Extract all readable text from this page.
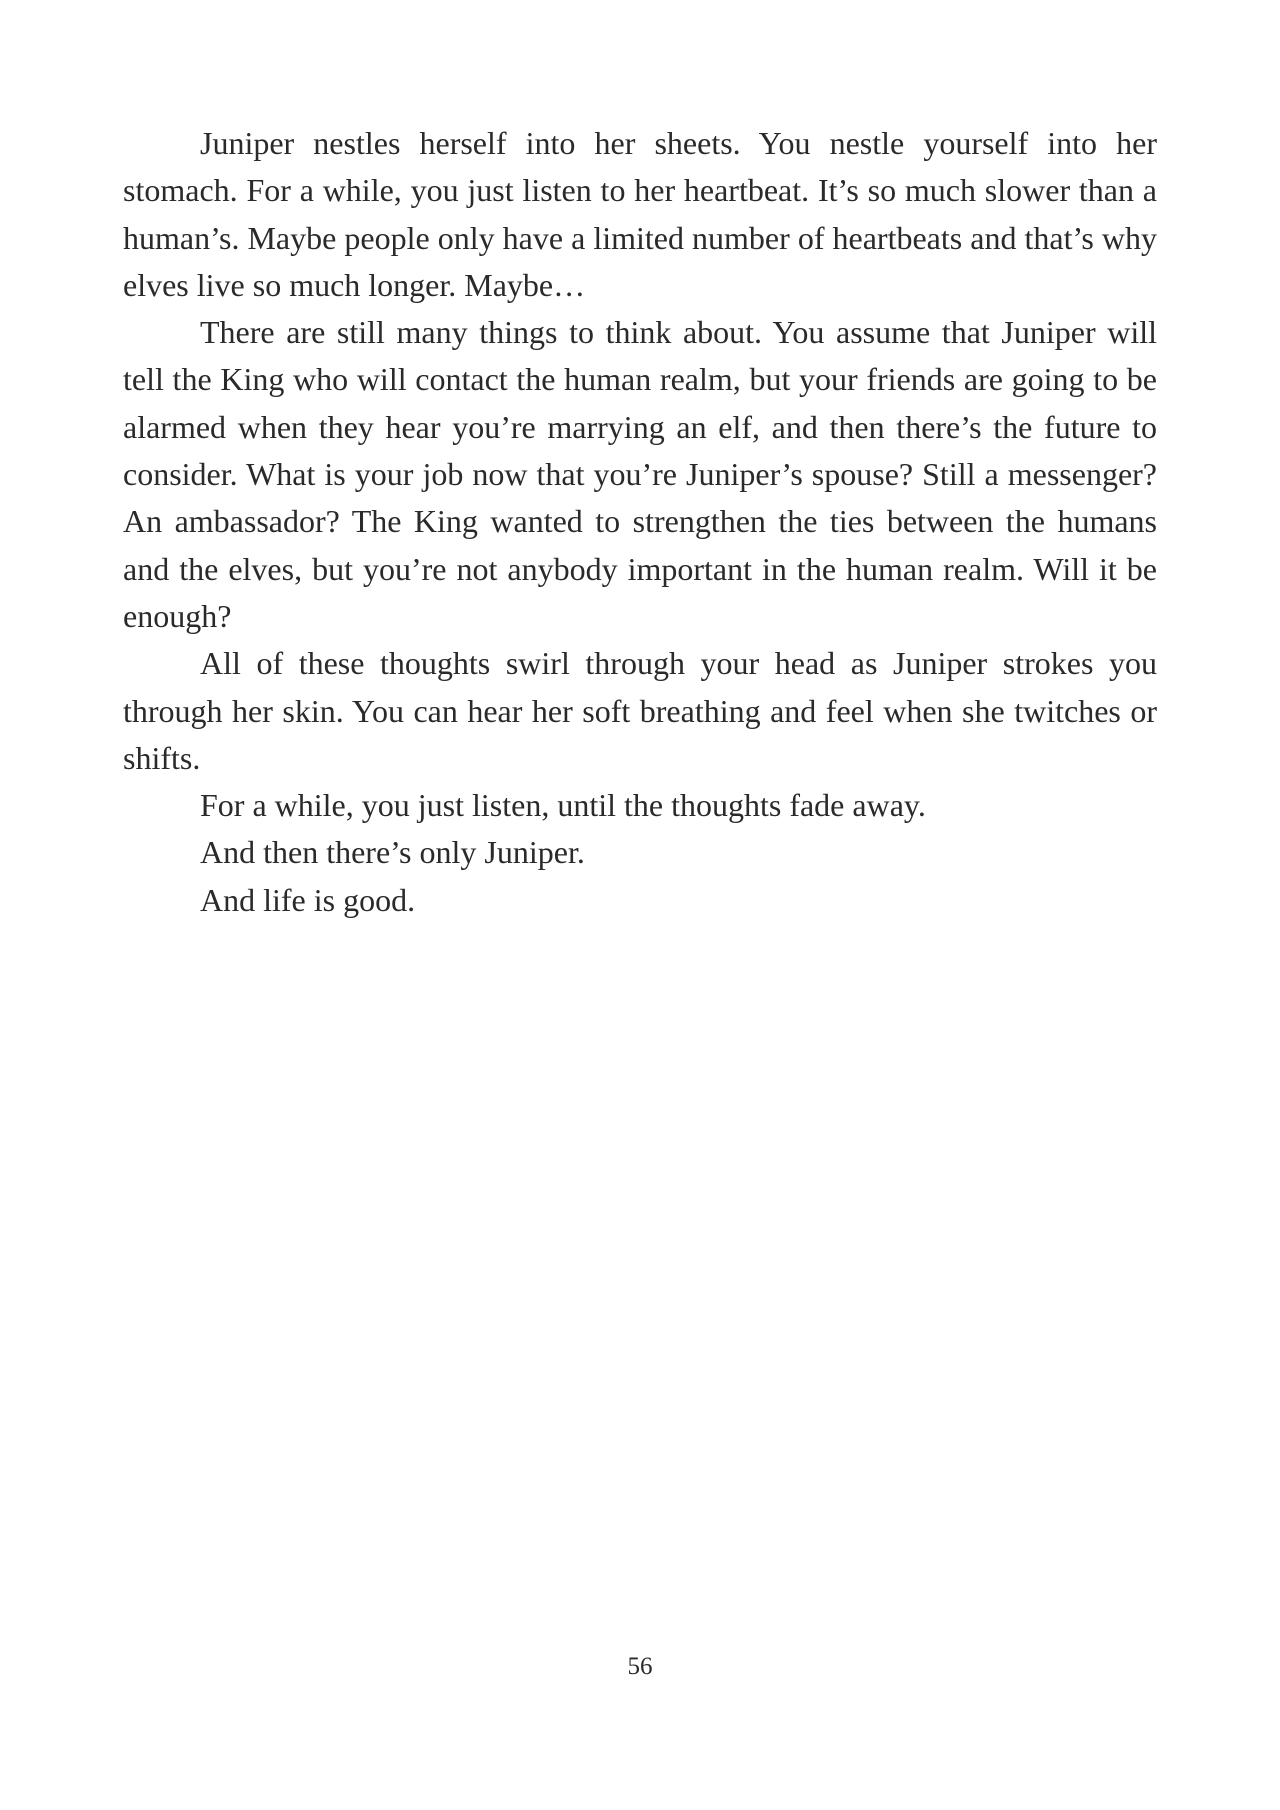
Juniper nestles herself into her sheets. You nestle yourself into her stomach. For a while, you just listen to her heartbeat. It’s so much slower than a human’s. Maybe people only have a limited number of heartbeats and that’s why elves live so much longer. Maybe…

There are still many things to think about. You assume that Juniper will tell the King who will contact the human realm, but your friends are going to be alarmed when they hear you’re marrying an elf, and then there’s the future to consider. What is your job now that you’re Juniper’s spouse? Still a messenger? An ambassador? The King wanted to strengthen the ties between the humans and the elves, but you’re not anybody important in the human realm. Will it be enough?

All of these thoughts swirl through your head as Juniper strokes you through her skin. You can hear her soft breathing and feel when she twitches or shifts.

For a while, you just listen, until the thoughts fade away.

And then there’s only Juniper.

And life is good.

56
